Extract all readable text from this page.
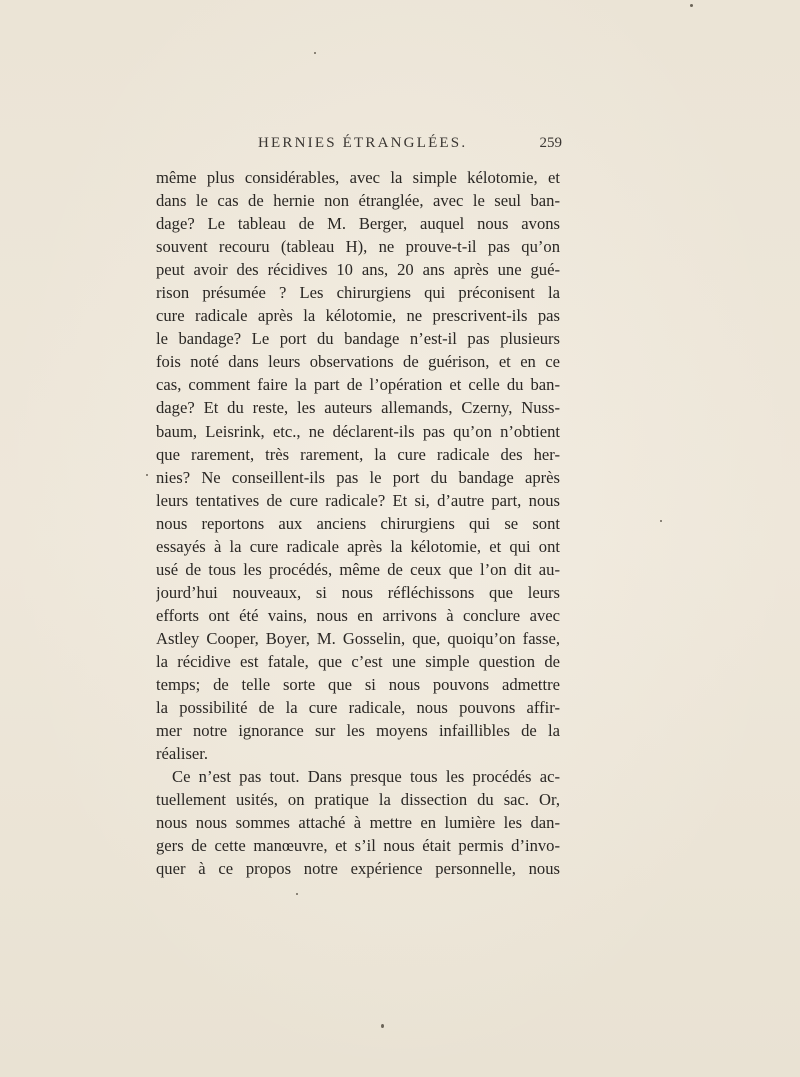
HERNIES ÉTRANGLÉES.	259
même plus considérables, avec la simple kélotomie, et
dans le cas de hernie non étranglée, avec le seul ban-
dage? Le tableau de M. Berger, auquel nous avons
souvent recouru (tableau H), ne prouve-t-il pas qu’on
peut avoir des récidives 10 ans, 20 ans après une gué-
rison présumée ? Les chirurgiens qui préconisent la
cure radicale après la kélotomie, ne prescrivent-ils pas
le bandage? Le port du bandage n’est-il pas plusieurs
fois noté dans leurs observations de guérison, et en ce
cas, comment faire la part de l’opération et celle du ban-
dage? Et du reste, les auteurs allemands, Czerny, Nuss-
baum, Leisrink, etc., ne déclarent-ils pas qu’on n’obtient
que rarement, très rarement, la cure radicale des her-
nies? Ne conseillent-ils pas le port du bandage après
leurs tentatives de cure radicale? Et si, d’autre part, nous
nous reportons aux anciens chirurgiens qui se sont
essayés à la cure radicale après la kélotomie, et qui ont
usé de tous les procédés, même de ceux que l’on dit au-
jourd’hui nouveaux, si nous réfléchissons que leurs
efforts ont été vains, nous en arrivons à conclure avec
Astley Cooper, Boyer, M. Gosselin, que, quoiqu’on fasse,
la récidive est fatale, que c’est une simple question de
temps; de telle sorte que si nous pouvons admettre
la possibilité de la cure radicale, nous pouvons affir-
mer notre ignorance sur les moyens infaillibles de la
réaliser.
Ce n’est pas tout. Dans presque tous les procédés ac-
tuellement usités, on pratique la dissection du sac. Or,
nous nous sommes attaché à mettre en lumière les dan-
gers de cette manœuvre, et s’il nous était permis d’invo-
quer à ce propos notre expérience personnelle, nous
